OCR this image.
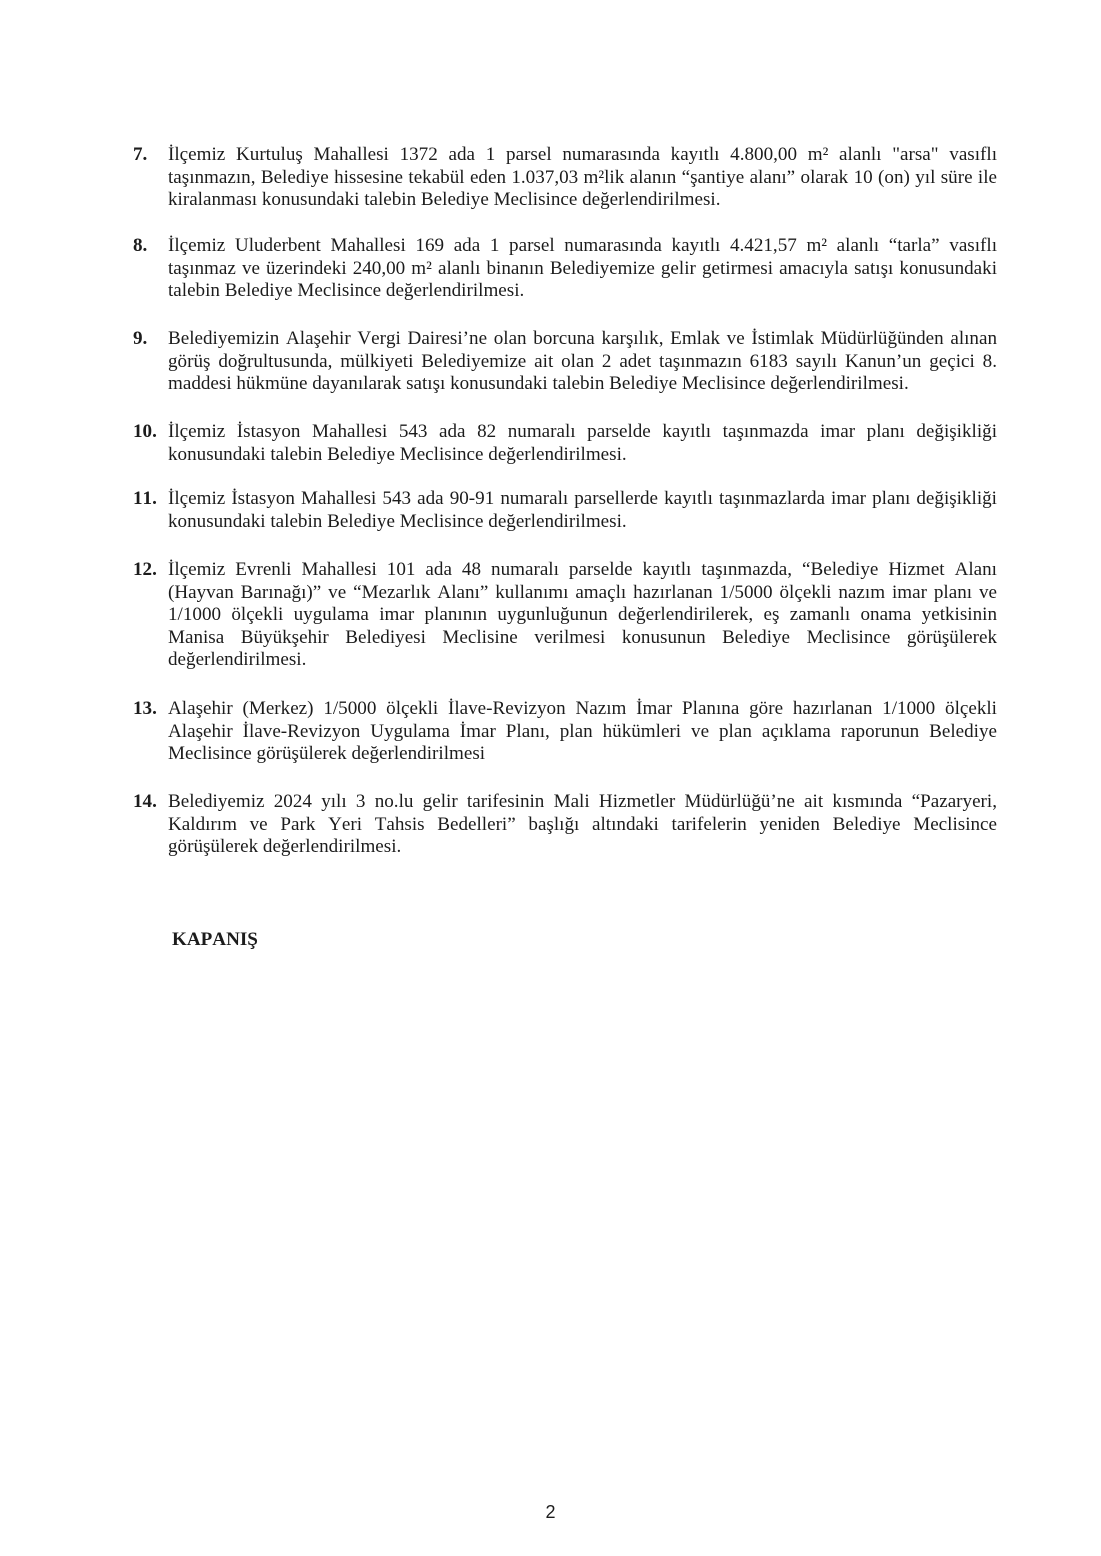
7. İlçemiz Kurtuluş Mahallesi 1372 ada 1 parsel numarasında kayıtlı 4.800,00 m² alanlı "arsa" vasıflı taşınmazın, Belediye hissesine tekabül eden 1.037,03 m²lik alanın “şantiye alanı” olarak 10 (on) yıl süre ile kiralanması konusundaki talebin Belediye Meclisince değerlendirilmesi.

8. İlçemiz Uluderbent Mahallesi 169 ada 1 parsel numarasında kayıtlı 4.421,57 m² alanlı “tarla” vasıflı taşınmaz ve üzerindeki 240,00 m² alanlı binanın Belediyemize gelir getirmesi amacıyla satışı konusundaki talebin Belediye Meclisince değerlendirilmesi.

9. Belediyemizin Alaşehir Vergi Dairesi’ne olan borcuna karşılık, Emlak ve İstimlak Müdürlüğünden alınan görüş doğrultusunda, mülkiyeti Belediyemize ait olan 2 adet taşınmazın 6183 sayılı Kanun’un geçici 8. maddesi hükmüne dayanılarak satışı konusundaki talebin Belediye Meclisince değerlendirilmesi.

10. İlçemiz İstasyon Mahallesi 543 ada 82 numaralı parselde kayıtlı taşınmazda imar planı değişikliği konusundaki talebin Belediye Meclisince değerlendirilmesi.

11. İlçemiz İstasyon Mahallesi 543 ada 90-91 numaralı parsellerde kayıtlı taşınmazlarda imar planı değişikliği konusundaki talebin Belediye Meclisince değerlendirilmesi.

12. İlçemiz Evrenli Mahallesi 101 ada 48 numaralı parselde kayıtlı taşınmazda, “Belediye Hizmet Alanı (Hayvan Barınağı)” ve “Mezarlık Alanı” kullanımı amaçlı hazırlanan 1/5000 ölçekli nazım imar planı ve 1/1000 ölçekli uygulama imar planının uygunluğunun değerlendirilerek, eş zamanlı onama yetkisinin Manisa Büyükşehir Belediyesi Meclisine verilmesi konusunun Belediye Meclisince görüşülerek değerlendirilmesi.

13. Alaşehir (Merkez) 1/5000 ölçekli İlave-Revizyon Nazım İmar Planına göre hazırlanan 1/1000 ölçekli Alaşehir İlave-Revizyon Uygulama İmar Planı, plan hükümleri ve plan açıklama raporunun Belediye Meclisince görüşülerek değerlendirilmesi

14. Belediyemiz 2024 yılı 3 no.lu gelir tarifesinin Mali Hizmetler Müdürlüğü’ne ait kısmında “Pazaryeri, Kaldırım ve Park Yeri Tahsis Bedelleri” başlığı altındaki tarifelerin yeniden Belediye Meclisince görüşülerek değerlendirilmesi.

KAPANIŞ
2
